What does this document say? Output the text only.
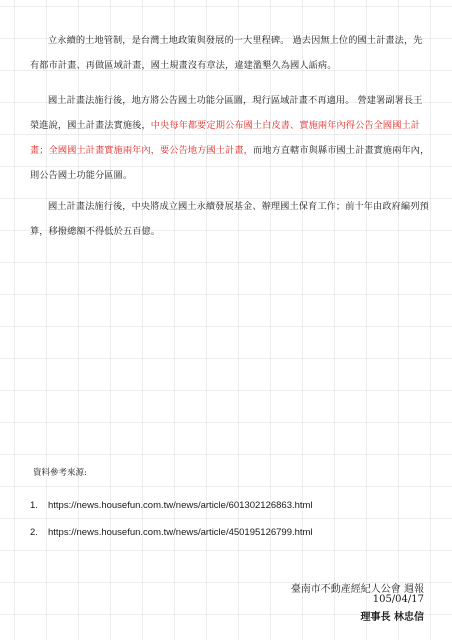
立永續的土地管制，是台灣土地政策與發展的一大里程碑。 過去因無上位的國土計畫法，先有都市計畫、再做區域計畫，國土規畫沒有章法，違建濫墾久為國人詬病。

國土計畫法施行後，地方將公告國土功能分區圖，現行區域計畫不再適用。 營建署副署長王榮進說，國土計畫法實施後，中央每年都要定期公布國土白皮書、實施兩年內得公告全國國土計畫；全國國土計畫實施兩年內，要公告地方國土計畫，而地方直轄市與縣市國土計畫實施兩年內，則公告國土功能分區圖。

國土計畫法施行後，中央將成立國土永續發展基金、辦理國土保育工作；前十年由政府編列預算，移撥總額不得低於五百億。

資料參考來源:

1. https://news.housefun.com.tw/news/article/601302126863.html

2. https://news.housefun.com.tw/news/article/450195126799.html

臺南市不動產經紀人公會 週報

105/04/17

理事長 林忠信
